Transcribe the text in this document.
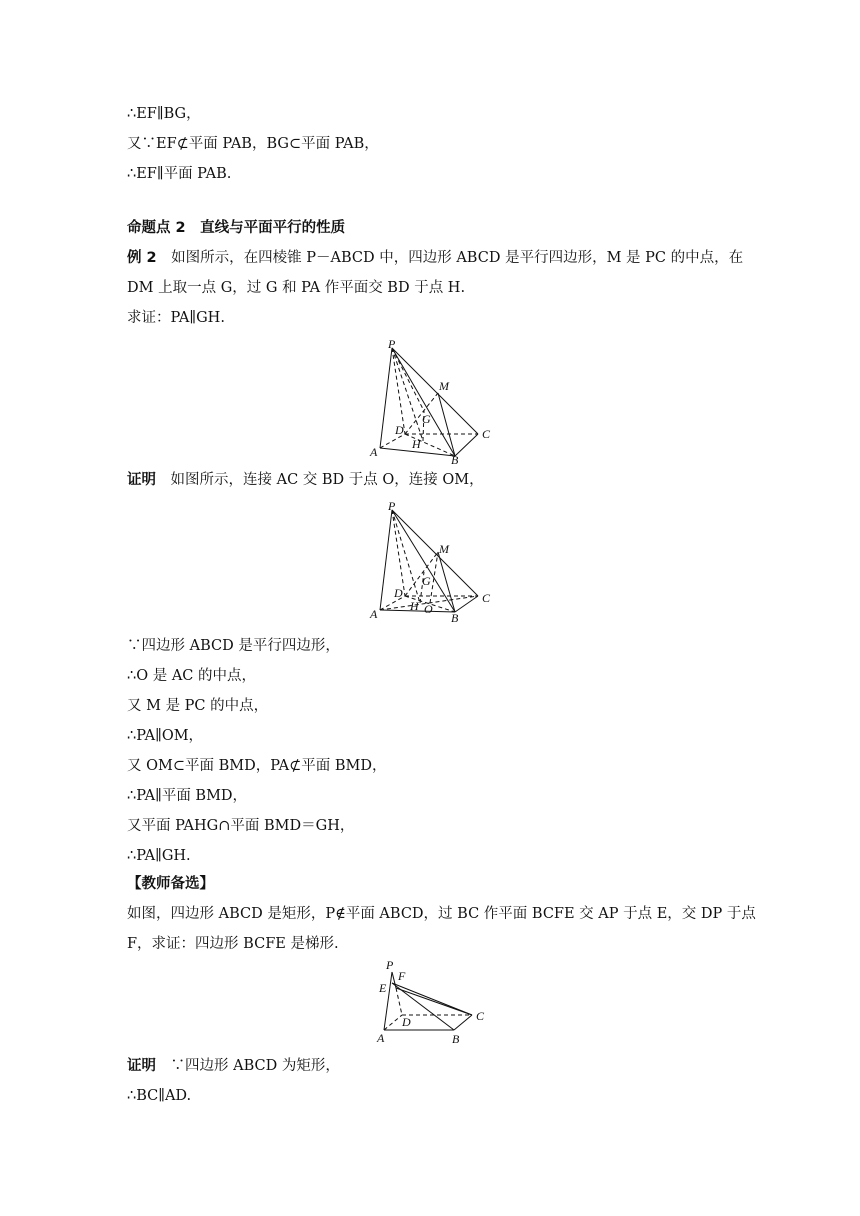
∴EF∥BG，
又∵EF⊄平面 PAB，BG⊂平面 PAB，
∴EF∥平面 PAB.
命题点 2　直线与平面平行的性质
例 2　如图所示，在四棱锥 P－ABCD 中，四边形 ABCD 是平行四边形，M 是 PC 的中点，在
DM 上取一点 G，过 G 和 PA 作平面交 BD 于点 H.
求证：PA∥GH.
P
M
G
D
H
A
B
C
证明　如图所示，连接 AC 交 BD 于点 O，连接 OM，
P
M
G
D
H O
A	B
C
∵四边形 ABCD 是平行四边形，
∴O 是 AC 的中点，
又 M 是 PC 的中点，
∴PA∥OM，
又 OM⊂平面 BMD，PA⊄平面 BMD，
∴PA∥平面 BMD，
又平面 PAHG∩平面 BMD＝GH，
∴PA∥GH.
【教师备选】
如图，四边形 ABCD 是矩形，P∉平面 ABCD，过 BC 作平面 BCFE 交 AP 于点 E，交 DP 于点
F，求证：四边形 BCFE 是梯形.
P
F
E
D
A	B
C
证明　∵四边形 ABCD 为矩形，
∴BC∥AD.
